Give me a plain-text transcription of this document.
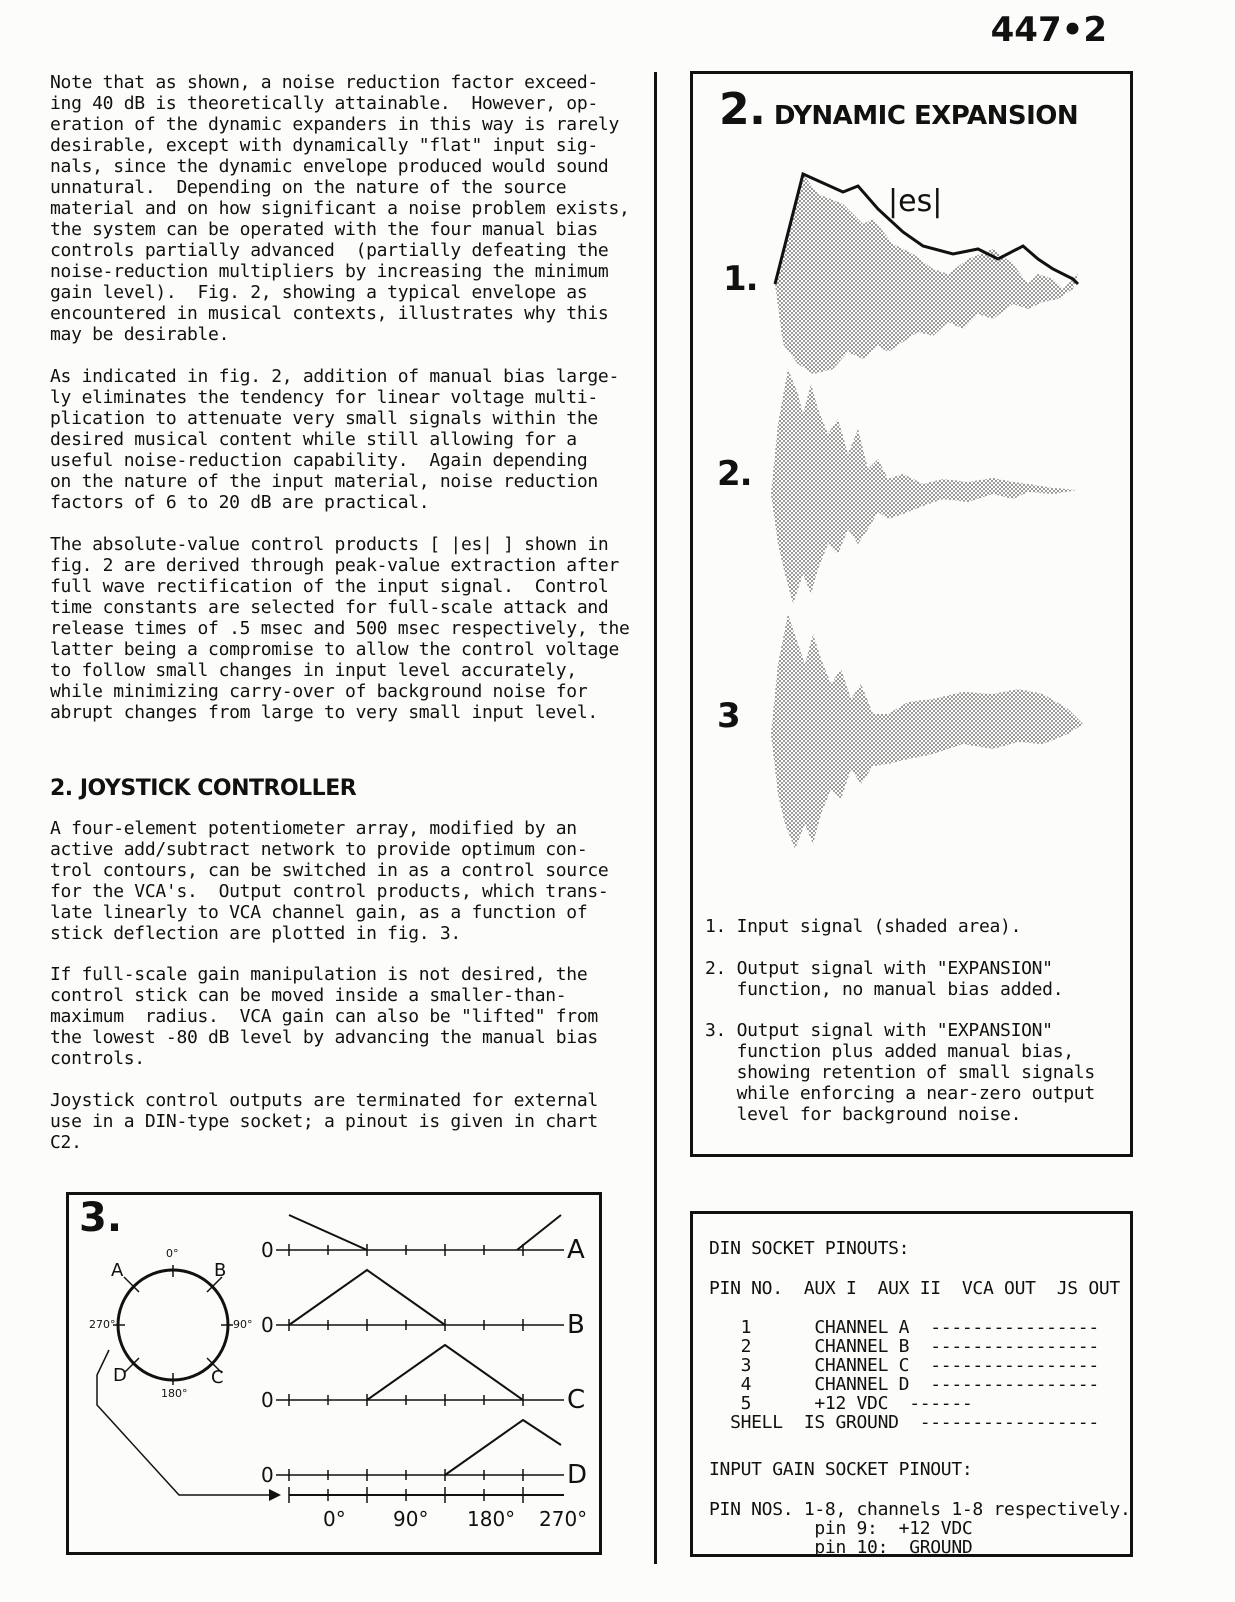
447•2

Note that as shown, a noise reduction factor exceed-
ing 40 dB is theoretically attainable.  However, op-
eration of the dynamic expanders in this way is rarely
desirable, except with dynamically "flat" input sig-
nals, since the dynamic envelope produced would sound
unnatural.  Depending on the nature of the source
material and on how significant a noise problem exists,
the system can be operated with the four manual bias
controls partially advanced  (partially defeating the
noise-reduction multipliers by increasing the minimum
gain level).  Fig. 2, showing a typical envelope as
encountered in musical contexts, illustrates why this
may be desirable.

As indicated in fig. 2, addition of manual bias large-
ly eliminates the tendency for linear voltage multi-
plication to attenuate very small signals within the
desired musical content while still allowing for a
useful noise-reduction capability.  Again depending
on the nature of the input material, noise reduction
factors of 6 to 20 dB are practical.

The absolute-value control products [ |es| ] shown in
fig. 2 are derived through peak-value extraction after
full wave rectification of the input signal.  Control
time constants are selected for full-scale attack and
release times of .5 msec and 500 msec respectively, the
latter being a compromise to allow the control voltage
to follow small changes in input level accurately,
while minimizing carry-over of background noise for
abrupt changes from large to very small input level.

2. JOYSTICK CONTROLLER

A four-element potentiometer array, modified by an
active add/subtract network to provide optimum con-
trol contours, can be switched in as a control source
for the VCA's.  Output control products, which trans-
late linearly to VCA channel gain, as a function of
stick deflection are plotted in fig. 3.

If full-scale gain manipulation is not desired, the
control stick can be moved inside a smaller-than-
maximum  radius.  VCA gain can also be "lifted" from
the lowest -80 dB level by advancing the manual bias
controls.

Joystick control outputs are terminated for external
use in a DIN-type socket; a pinout is given in chart
C2.

2. DYNAMIC EXPANSION
1.
|es|
2.
3

1. Input signal (shaded area).

2. Output signal with "EXPANSION"
function, no manual bias added.

3. Output signal with "EXPANSION"
function plus added manual bias,
showing retention of small signals
while enforcing a near-zero output
level for background noise.

3.
0°
90°
180°
270°
A	B
C
D
0
0
0
0
A
B
C
D
0° 90° 180° 270°

DIN SOCKET PINOUTS:

PIN NO.  AUX I  AUX II  VCA OUT  JS OUT

1      CHANNEL A  ----------------

2      CHANNEL B  ----------------

3      CHANNEL C  ----------------

4      CHANNEL D  ----------------

5      +12 VDC  ------

SHELL  IS GROUND  -----------------

INPUT GAIN SOCKET PINOUT:

PIN NOS. 1-8, channels 1-8 respectively.

pin 9:  +12 VDC

pin 10:  GROUND
